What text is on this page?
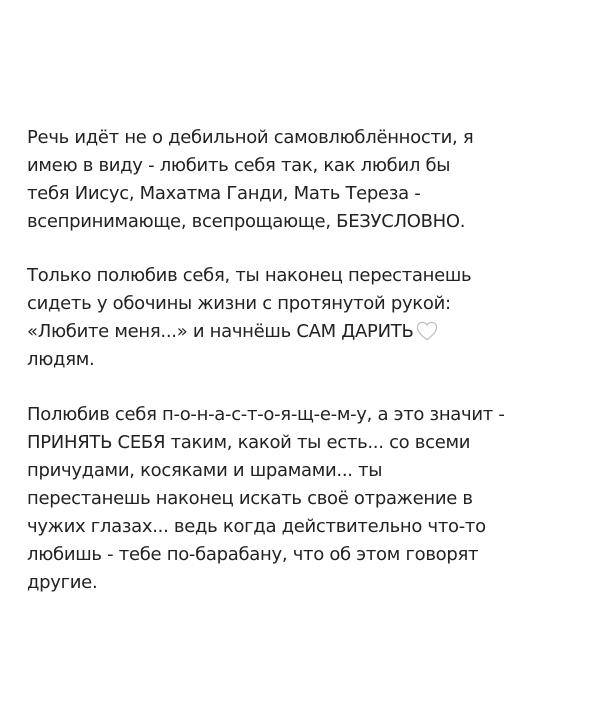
Речь идёт не о дебильной самовлюблённости, я
имею в виду - любить себя так, как любил бы
тебя Иисус, Махатма Ганди, Мать Тереза -
всепринимающе, всепрощающе, БЕЗУСЛОВНО.

Только полюбив себя, ты наконец перестанешь
сидеть у обочины жизни с протянутой рукой:
«Любите меня...» и начнёшь САМ ДАРИТЬ
людям.

Полюбив себя п-о-н-а-с-т-о-я-щ-е-м-у, а это значит -
ПРИНЯТЬ СЕБЯ таким, какой ты есть... со всеми
причудами, косяками и шрамами... ты
перестанешь наконец искать своё отражение в
чужих глазах... ведь когда действительно что-то
любишь - тебе по-барабану, что об этом говорят
другие.
